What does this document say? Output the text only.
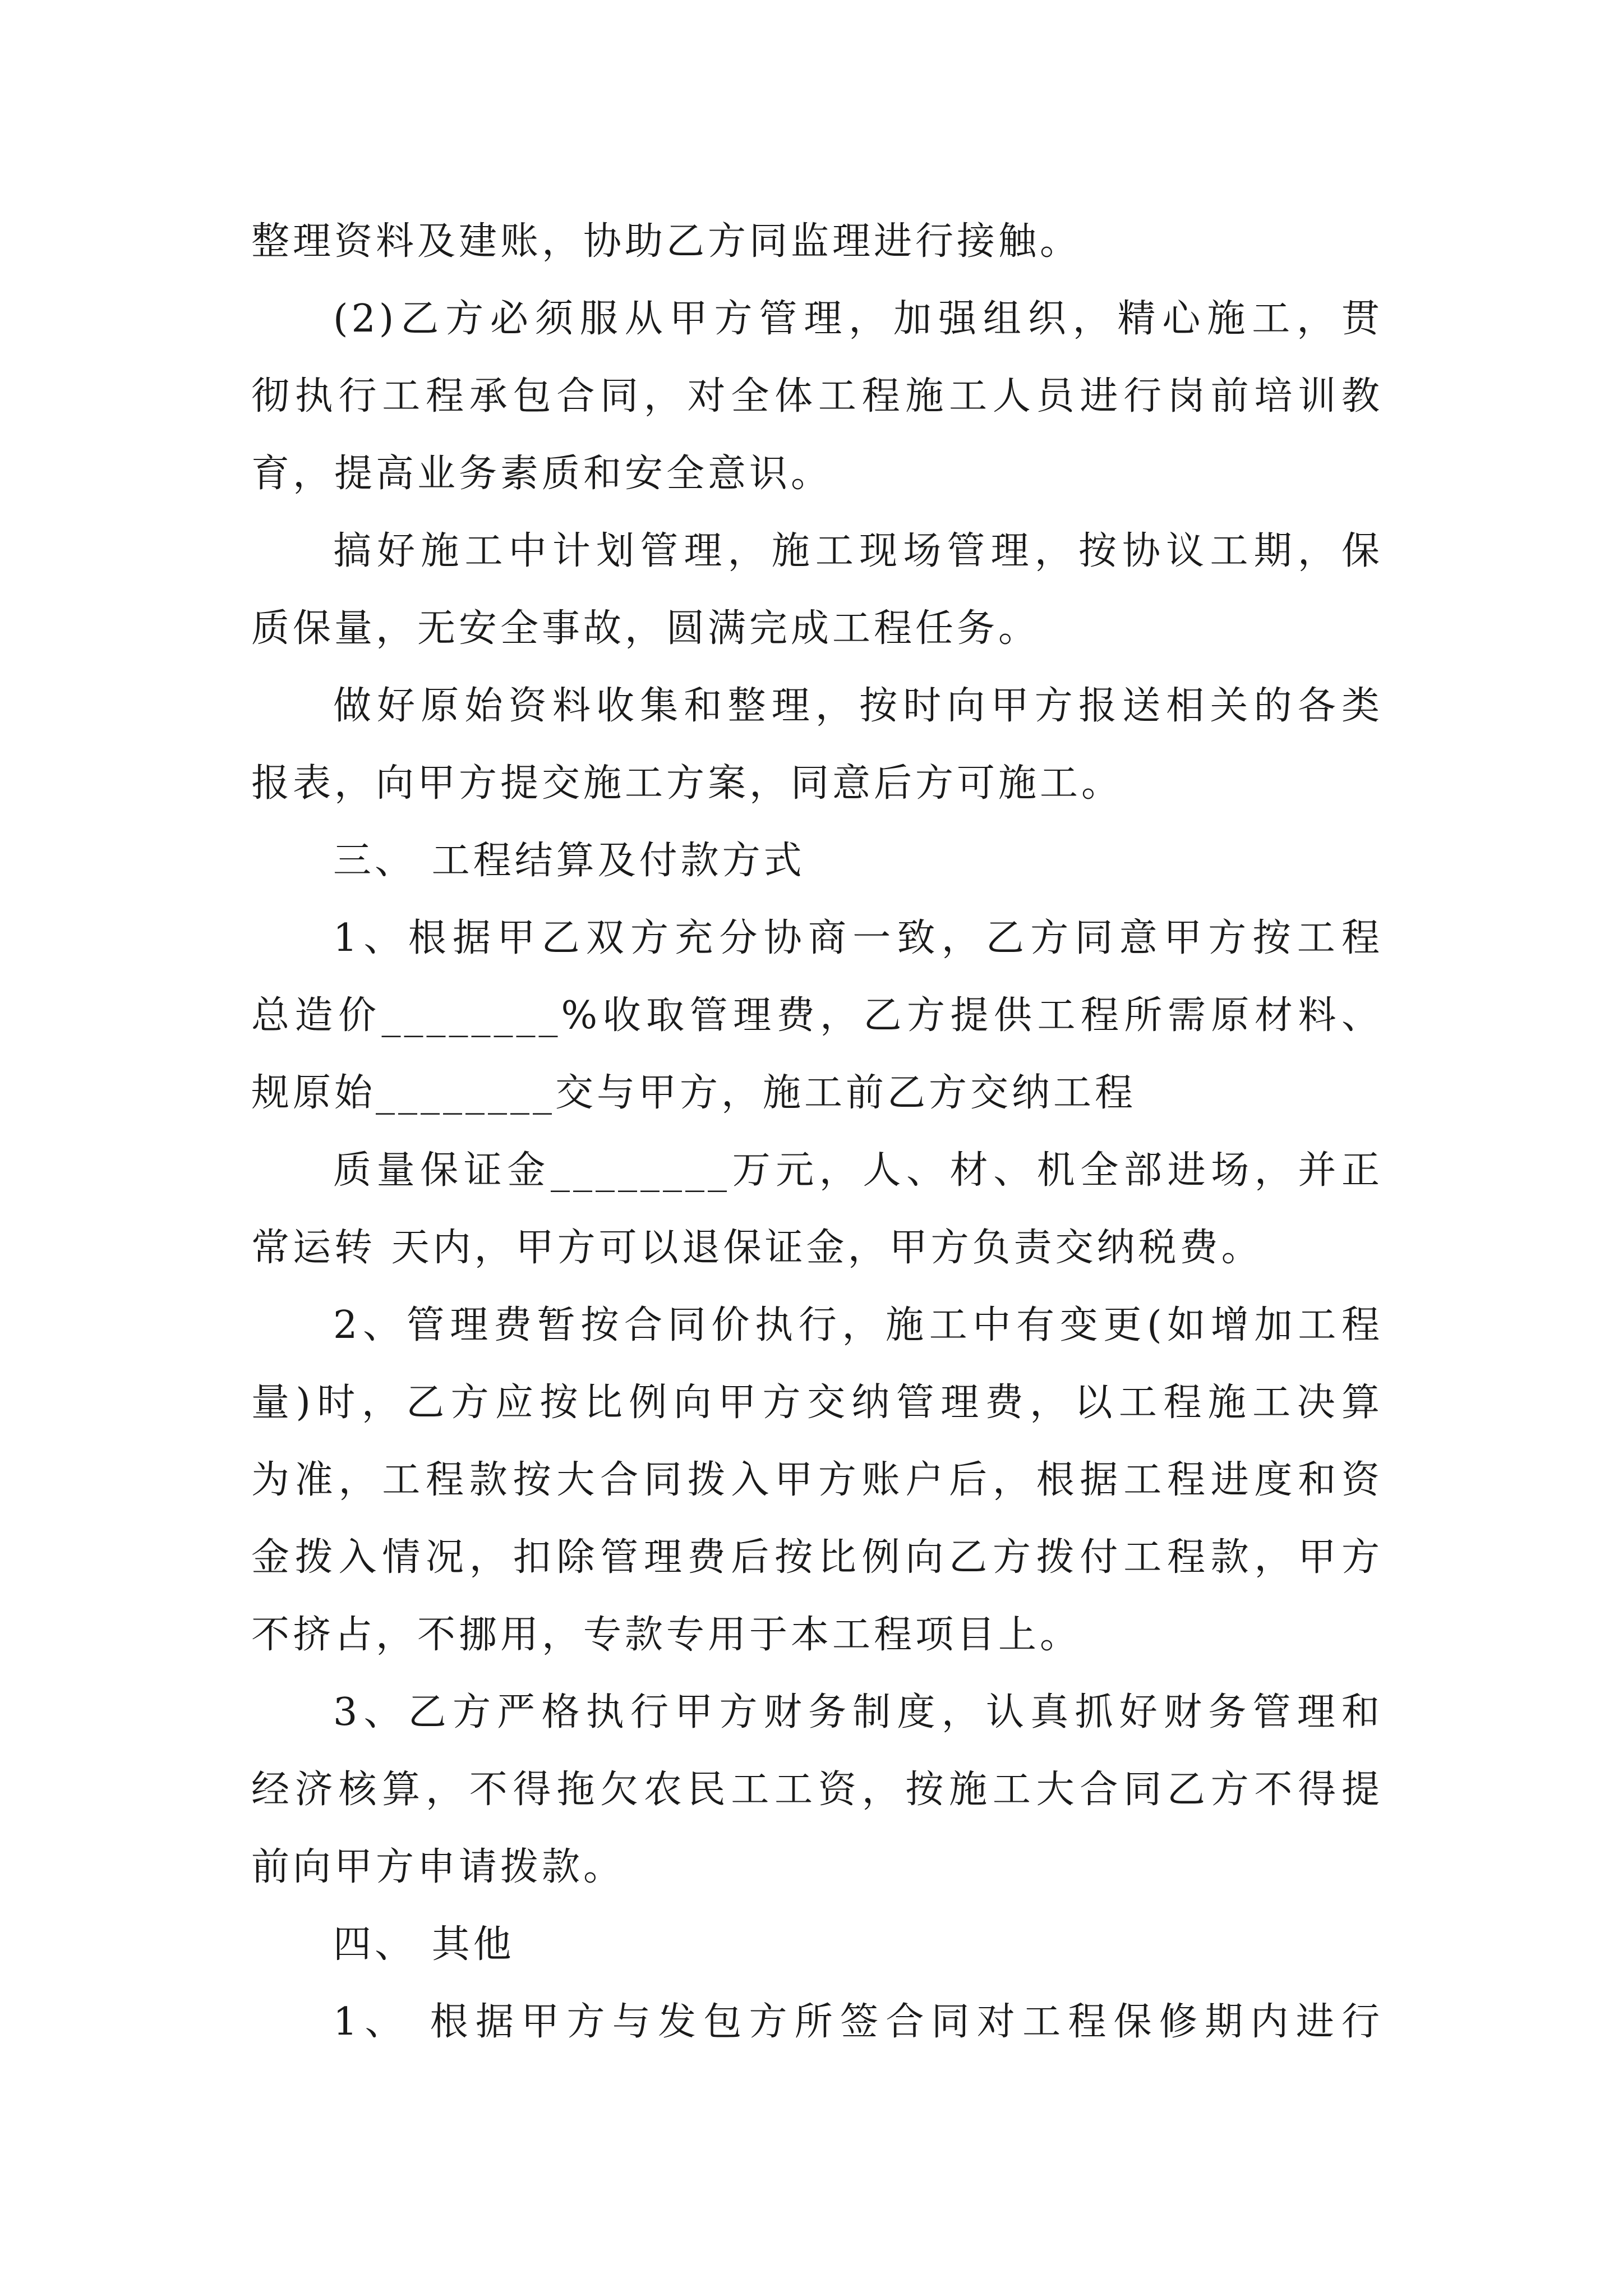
整理资料及建账，协助乙方同监理进行接触。
(2)乙方必须服从甲方管理，加强组织，精心施工，贯
彻执行工程承包合同，对全体工程施工人员进行岗前培训教
育，提高业务素质和安全意识。
搞好施工中计划管理，施工现场管理，按协议工期，保
质保量，无安全事故，圆满完成工程任务。
做好原始资料收集和整理，按时向甲方报送相关的各类
报表，向甲方提交施工方案，同意后方可施工。
三、 工程结算及付款方式
1、根据甲乙双方充分协商一致，乙方同意甲方按工程
总造价________%收取管理费，乙方提供工程所需原材料、
规原始________交与甲方，施工前乙方交纳工程
质量保证金________万元，人、材、机全部进场，并正
常运转 天内，甲方可以退保证金，甲方负责交纳税费。
2、管理费暂按合同价执行，施工中有变更(如增加工程
量)时，乙方应按比例向甲方交纳管理费，以工程施工决算
为准，工程款按大合同拨入甲方账户后，根据工程进度和资
金拨入情况，扣除管理费后按比例向乙方拨付工程款，甲方
不挤占，不挪用，专款专用于本工程项目上。
3、乙方严格执行甲方财务制度，认真抓好财务管理和
经济核算，不得拖欠农民工工资，按施工大合同乙方不得提
前向甲方申请拨款。
四、 其他
1、 根据甲方与发包方所签合同对工程保修期内进行
